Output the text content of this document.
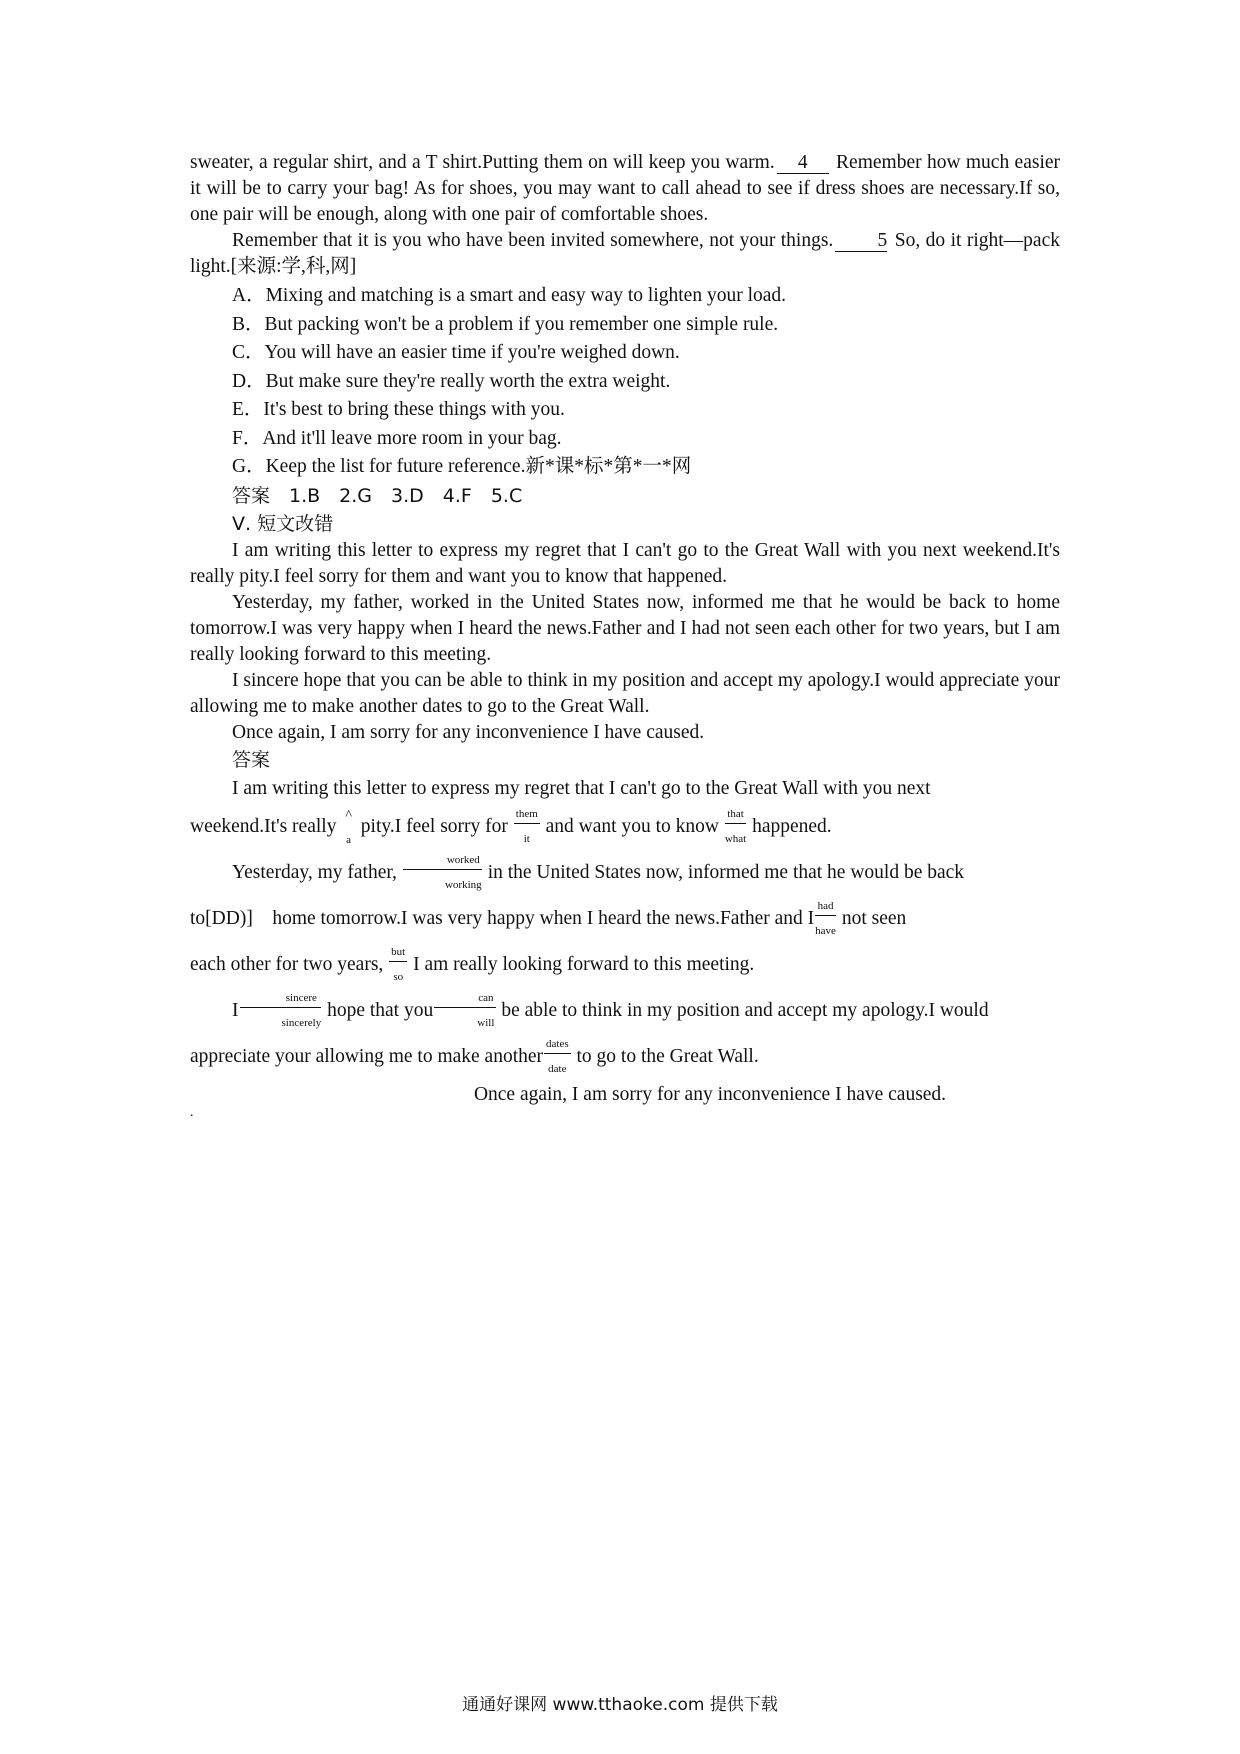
sweater, a regular shirt, and a T shirt.Putting them on will keep you warm. 4 Remember how much easier it will be to carry your bag! As for shoes, you may want to call ahead to see if dress shoes are necessary.If so, one pair will be enough, along with one pair of comfortable shoes.

Remember that it is you who have been invited somewhere, not your things. 5 So, do it right—pack light.[来源:学,科,网]

A．Mixing and matching is a smart and easy way to lighten your load.

B．But packing won't be a problem if you remember one simple rule.

C．You will have an easier time if you're weighed down.

D．But make sure they're really worth the extra weight.

E．It's best to bring these things with you.

F．And it'll leave more room in your bag.

G．Keep the list for future reference.新*课*标*第*一*网

答案　1.B　2.G　3.D　4.F　5.C

Ⅴ. 短文改错

I am writing this letter to express my regret that I can't go to the Great Wall with you next weekend.It's really pity.I feel sorry for them and want you to know that happened.

Yesterday, my father, worked in the United States now, informed me that he would be back to home tomorrow.I was very happy when I heard the news.Father and I had not seen each other for two years, but I am really looking forward to this meeting.

I sincere hope that you can be able to think in my position and accept my apology.I would appreciate your allowing me to make another dates to go to the Great Wall.

Once again, I am sorry for any inconvenience I have caused.

答案

I am writing this letter to express my regret that I can't go to the Great Wall with you next

weekend.It's really
^
a
pity.I feel sorry for
them
it
and want you to know
that
what
happened.

Yesterday, my father,
worked
working
in the United States now, informed me that he would be back

to[DD)]　home tomorrow.I was very happy when I heard the news.Father and I
had
have
not seen

each other for two years,
but
so
I am really looking forward to this meeting.

I
sincere
sincerely
hope that you
can
will
be able to think in my position and accept my apology.I would

appreciate your allowing me to make another
dates
date
to go to the Great Wall.

Once again, I am sorry for any inconvenience I have caused.

.
通通好课网 www.tthaoke.com 提供下载
